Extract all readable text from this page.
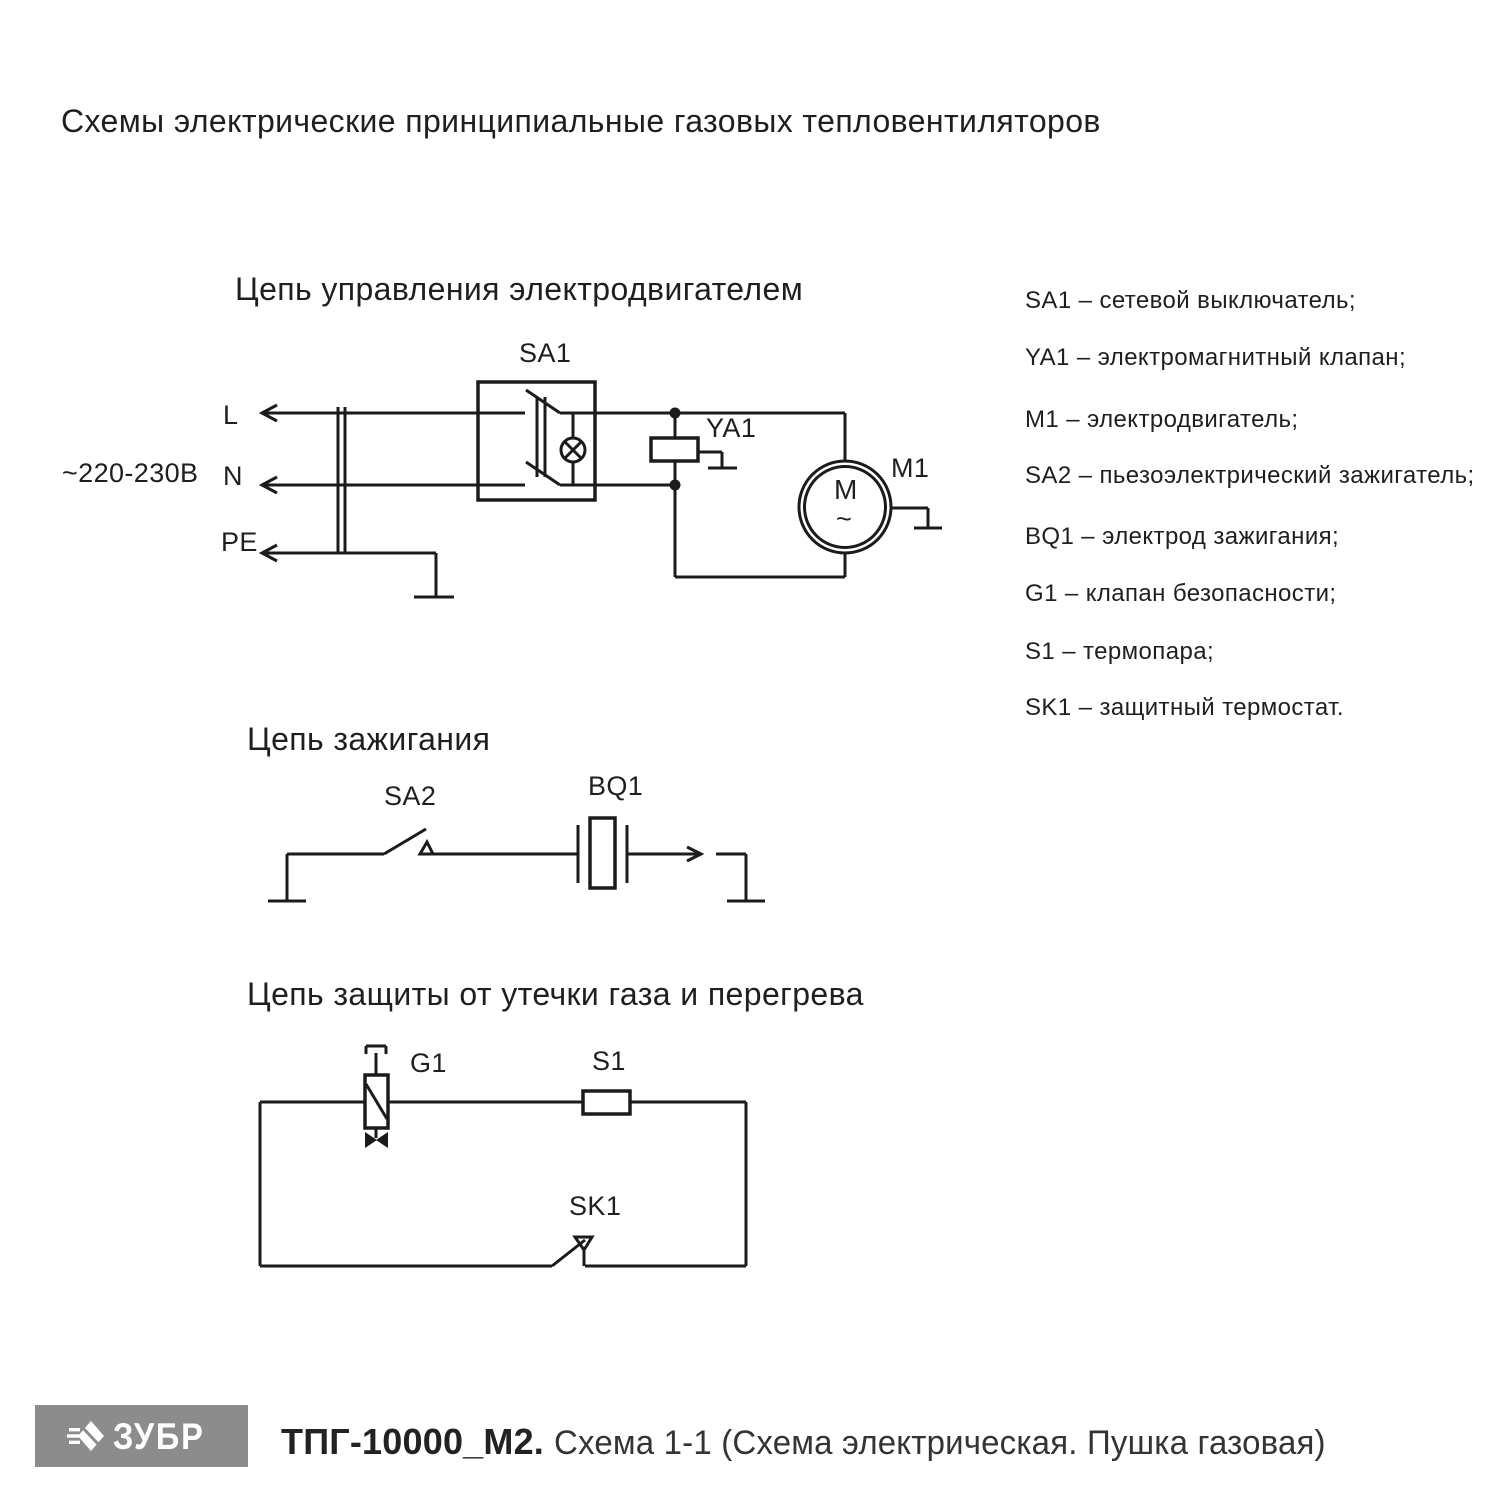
Схемы электрические принципиальные газовых тепловентиляторов
Цепь управления электродвигателем
Цепь зажигания
Цепь защиты от утечки газа и перегрева
~220-230В
L
N
PE
SA1
YA1
M1
M
~
SA2	BQ1
G1	S1
SK1
SA1 – сетевой выключатель;
YA1 – электромагнитный клапан;
M1 – электродвигатель;
SA2 – пьезоэлектрический зажигатель;
BQ1 – электрод зажигания;
G1 – клапан безопасности;
S1 – термопара;
SK1 – защитный термостат.
ЗУБР ТПГ-10000_М2. Схема 1-1 (Схема электрическая. Пушка газовая)
